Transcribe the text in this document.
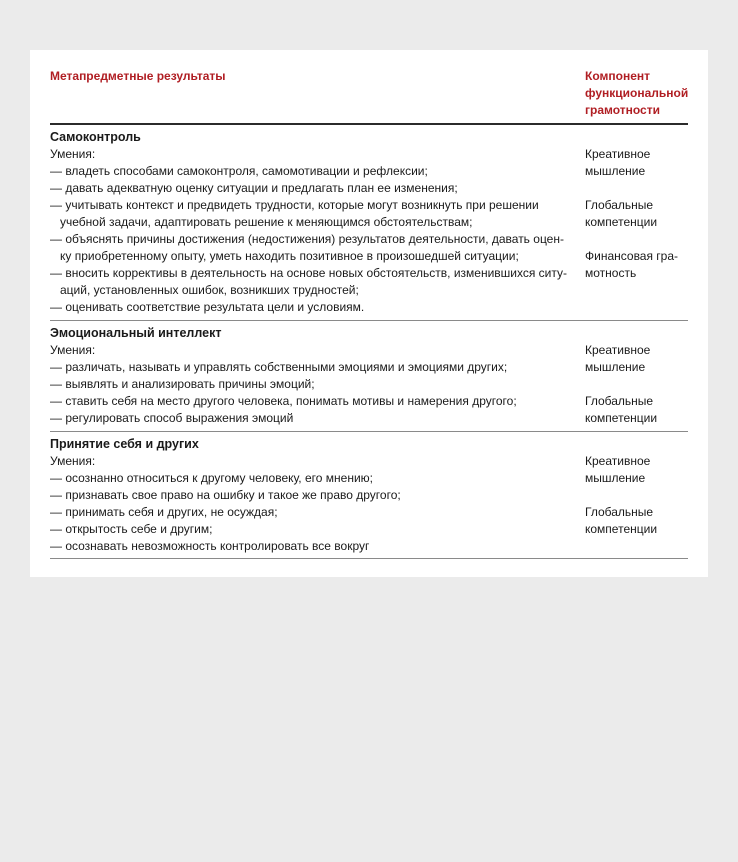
Метапредметные результаты	Компонент
функциональной
грамотности
Самоконтроль
Умения:
— владеть способами самоконтроля, самомотивации и рефлексии;
— давать адекватную оценку ситуации и предлагать план ее изменения;
— учитывать контекст и предвидеть трудности, которые могут возникнуть при решении
учебной задачи, адаптировать решение к меняющимся обстоятельствам;
— объяснять причины достижения (недостижения) результатов деятельности, давать оцен-
ку приобретенному опыту, уметь находить позитивное в произошедшей ситуации;
— вносить коррективы в деятельность на основе новых обстоятельств, изменившихся ситу-
аций, установленных ошибок, возникших трудностей;
— оценивать соответствие результата цели и условиям.
Креативное
мышление
Глобальные
компетенции
Финансовая гра-
мотность
Эмоциональный интеллект
Умения:
— различать, называть и управлять собственными эмоциями и эмоциями других;
— выявлять и анализировать причины эмоций;
— ставить себя на место другого человека, понимать мотивы и намерения другого;
— регулировать способ выражения эмоций
Креативное
мышление
Глобальные
компетенции
Принятие себя и других
Умения:
— осознанно относиться к другому человеку, его мнению;
— признавать свое право на ошибку и такое же право другого;
— принимать себя и других, не осуждая;
— открытость себе и другим;
— осознавать невозможность контролировать все вокруг
Креативное
мышление
Глобальные
компетенции
